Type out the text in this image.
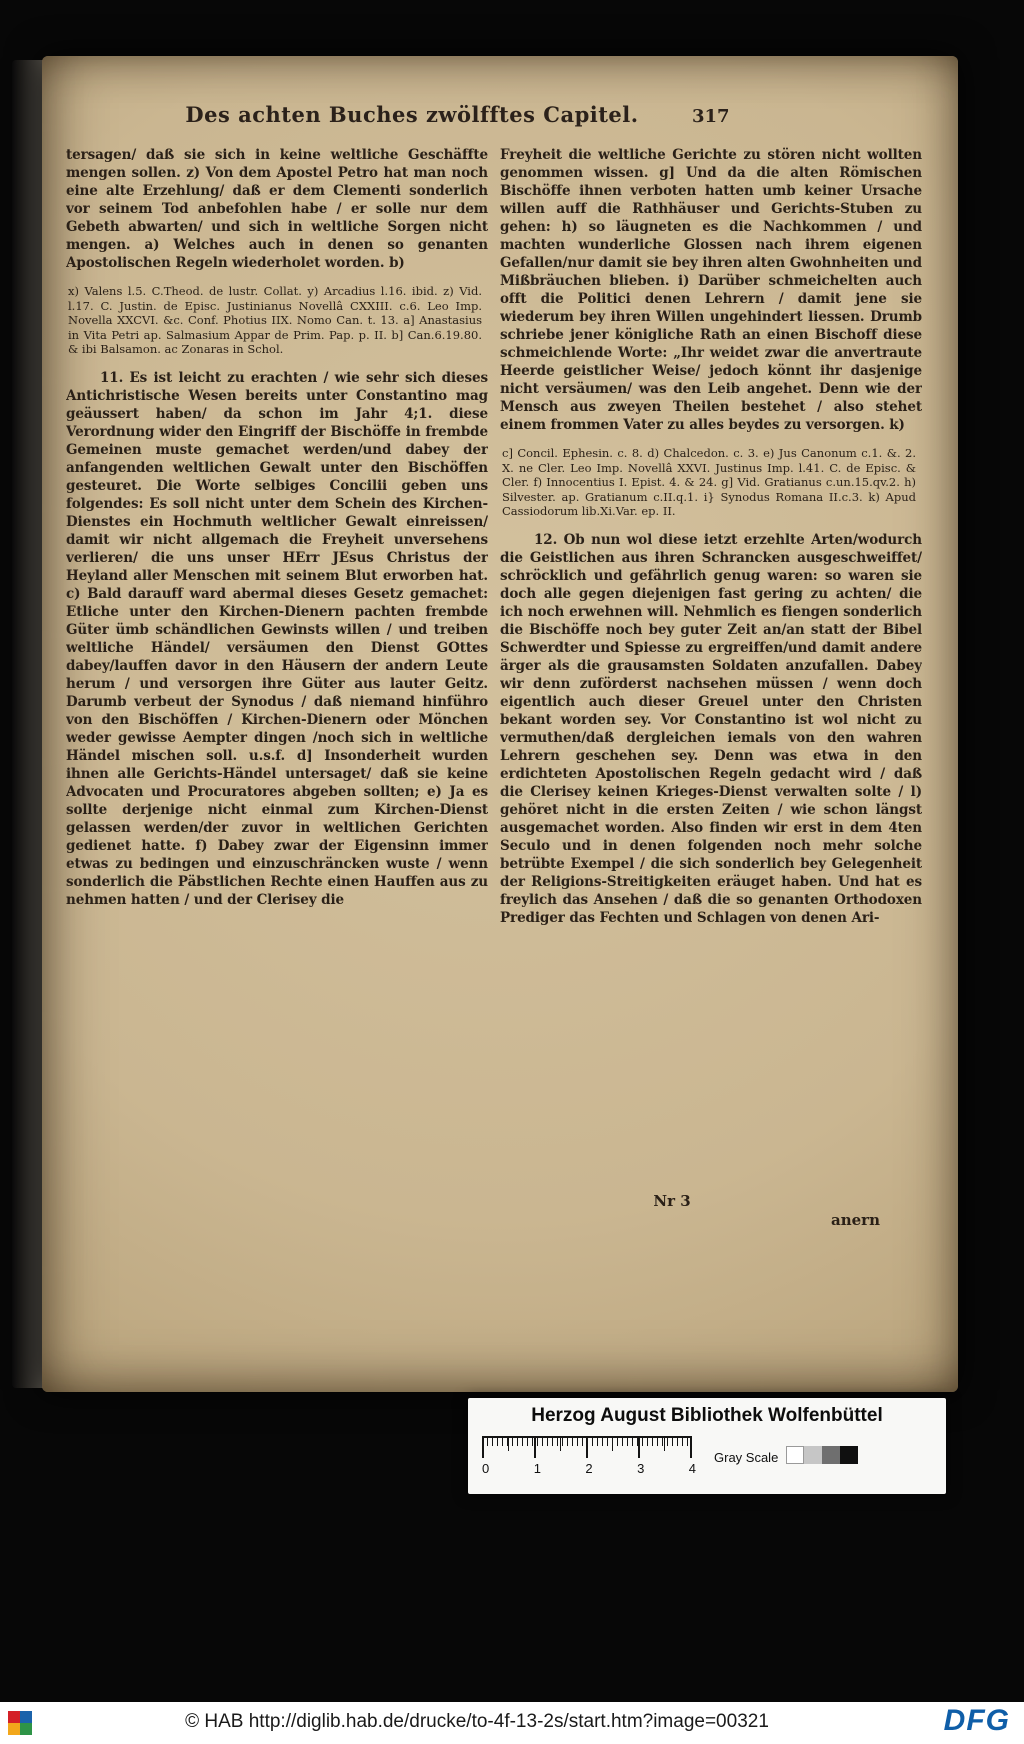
Des achten Buches zwölfftes Capitel.	317

tersagen/ daß sie sich in keine weltliche Geschäffte mengen sollen. z) Von dem Apostel Petro hat man noch eine alte Erzehlung/ daß er dem Clementi sonderlich vor seinem Tod anbefohlen habe / er solle nur dem Gebeth abwarten/ und sich in weltliche Sorgen nicht mengen. a) Welches auch in denen so genanten Apostolischen Regeln wiederholet worden. b)

x) Valens l.5. C.Theod. de lustr. Collat. y) Arcadius l.16. ibid. z) Vid. l.17. C. Justin. de Episc. Justinianus Novellâ CXXIII. c.6. Leo Imp. Novella XXCVI. &c. Conf. Photius IIX. Nomo Can. t. 13. a] Anastasius in Vita Petri ap. Salmasium Appar de Prim. Pap. p. II. b] Can.6.19.80. & ibi Balsamon. ac Zonaras in Schol.

11. Es ist leicht zu erachten / wie sehr sich dieses Antichristische Wesen bereits unter Constantino mag geäussert haben/ da schon im Jahr 4;1. diese Verordnung wider den Eingriff der Bischöffe in frembde Gemeinen muste gemachet werden/und dabey der anfangenden weltlichen Gewalt unter den Bischöffen gesteuret. Die Worte selbiges Concilii geben uns folgendes: Es soll nicht unter dem Schein des Kirchen-Dienstes ein Hochmuth weltlicher Gewalt einreissen/ damit wir nicht allgemach die Freyheit unversehens verlieren/ die uns unser HErr JEsus Christus der Heyland aller Menschen mit seinem Blut erworben hat. c) Bald darauff ward abermal dieses Gesetz gemachet: Etliche unter den Kirchen-Dienern pachten frembde Güter ümb schändlichen Gewinsts willen / und treiben weltliche Händel/ versäumen den Dienst GOttes dabey/lauffen davor in den Häusern der andern Leute herum / und versorgen ihre Güter aus lauter Geitz. Darumb verbeut der Synodus / daß niemand hinführo von den Bischöffen / Kirchen-Dienern oder Mönchen weder gewisse Aempter dingen /noch sich in weltliche Händel mischen soll. u.s.f. d] Insonderheit wurden ihnen alle Gerichts-Händel untersaget/ daß sie keine Advocaten und Procuratores abgeben sollten; e) Ja es sollte derjenige nicht einmal zum Kirchen-Dienst gelassen werden/der zuvor in weltlichen Gerichten gedienet hatte. f) Dabey zwar der Eigensinn immer etwas zu bedingen und einzuschräncken wuste / wenn sonderlich die Päbstlichen Rechte einen Hauffen aus zu nehmen hatten / und der Clerisey die

Freyheit die weltliche Gerichte zu stören nicht wollten genommen wissen. g] Und da die alten Römischen Bischöffe ihnen verboten hatten umb keiner Ursache willen auff die Rathhäuser und Gerichts-Stuben zu gehen: h) so läugneten es die Nachkommen / und machten wunderliche Glossen nach ihrem eigenen Gefallen/nur damit sie bey ihren alten Gwohnheiten und Mißbräuchen blieben. i) Darüber schmeichelten auch offt die Politici denen Lehrern / damit jene sie wiederum bey ihren Willen ungehindert liessen. Drumb schriebe jener königliche Rath an einen Bischoff diese schmeichlende Worte: „Ihr weidet zwar die anvertraute Heerde geistlicher Weise/ jedoch könnt ihr dasjenige nicht versäumen/ was den Leib angehet. Denn wie der Mensch aus zweyen Theilen bestehet / also stehet einem frommen Vater zu alles beydes zu versorgen. k)

c] Concil. Ephesin. c. 8. d) Chalcedon. c. 3. e) Jus Canonum c.1. &. 2. X. ne Cler. Leo Imp. Novellâ XXVI. Justinus Imp. l.41. C. de Episc. & Cler. f) Innocentius I. Epist. 4. & 24. g] Vid. Gratianus c.un.15.qv.2. h) Silvester. ap. Gratianum c.II.q.1. i} Synodus Romana II.c.3. k) Apud Cassiodorum lib.Xi.Var. ep. II.

12. Ob nun wol diese ietzt erzehlte Arten/wodurch die Geistlichen aus ihren Schrancken ausgeschweiffet/ schröcklich und gefährlich genug waren: so waren sie doch alle gegen diejenigen fast gering zu achten/ die ich noch erwehnen will. Nehmlich es fiengen sonderlich die Bischöffe noch bey guter Zeit an/an statt der Bibel Schwerdter und Spiesse zu ergreiffen/und damit andere ärger als die grausamsten Soldaten anzufallen. Dabey wir denn zuförderst nachsehen müssen / wenn doch eigentlich auch dieser Greuel unter den Christen bekant worden sey. Vor Constantino ist wol nicht zu vermuthen/daß dergleichen iemals von den wahren Lehrern geschehen sey. Denn was etwa in den erdichteten Apostolischen Regeln gedacht wird / daß die Clerisey keinen Krieges-Dienst verwalten solte / l) gehöret nicht in die ersten Zeiten / wie schon längst ausgemachet worden. Also finden wir erst in dem 4ten Seculo und in denen folgenden noch mehr solche betrübte Exempel / die sich sonderlich bey Gelegenheit der Religions-Streitigkeiten eräuget haben. Und hat es freylich das Ansehen / daß die so genanten Orthodoxen Prediger das Fechten und Schlagen von denen Ari-

Nr 3
anern
Herzog August Bibliothek Wolfenbüttel
0	1	2	3	4
Gray Scale
© HAB http://diglib.hab.de/drucke/to-4f-13-2s/start.htm?image=00321	DFG
